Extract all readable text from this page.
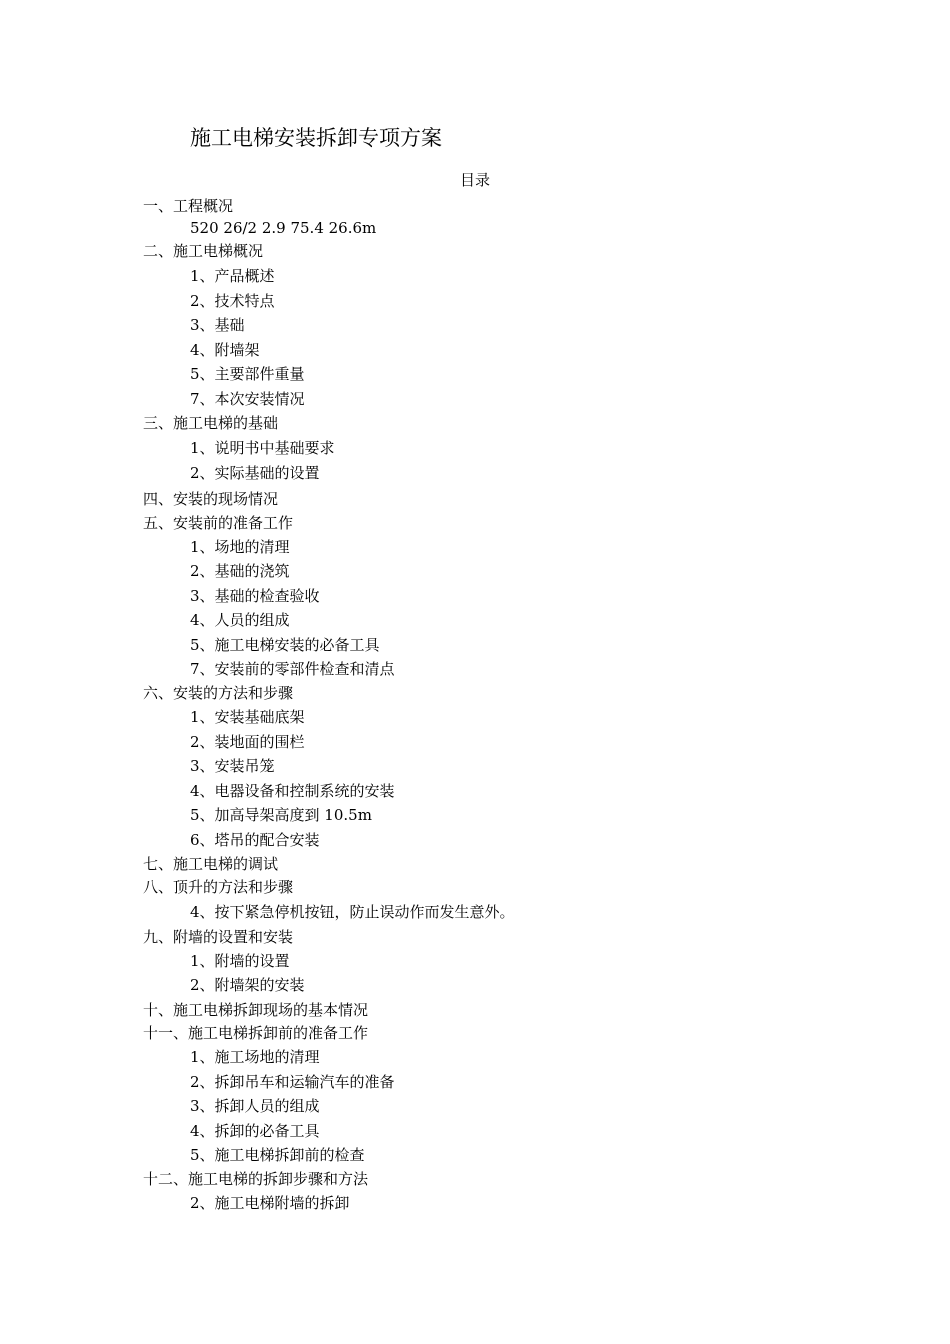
施工电梯安装拆卸专项方案
目录
一、工程概况
520 26/2 2.9 75.4 26.6m
二、施工电梯概况
1、产品概述
2、技术特点
3、基础
4、附墙架
5、主要部件重量
7、本次安装情况
三、施工电梯的基础
1、说明书中基础要求
2、实际基础的设置
四、安装的现场情况
五、安装前的准备工作
1、场地的清理
2、基础的浇筑
3、基础的检查验收
4、人员的组成
5、施工电梯安装的必备工具
7、安装前的零部件检查和清点
六、安装的方法和步骤
1、安装基础底架
2、装地面的围栏
3、安装吊笼
4、电器设备和控制系统的安装
5、加高导架高度到 10.5m
6、塔吊的配合安装
七、施工电梯的调试
八、顶升的方法和步骤
4、按下紧急停机按钮，防止误动作而发生意外。
九、附墙的设置和安装
1、附墙的设置
2、附墙架的安装
十、施工电梯拆卸现场的基本情况
十一、施工电梯拆卸前的准备工作
1、施工场地的清理
2、拆卸吊车和运输汽车的准备
3、拆卸人员的组成
4、拆卸的必备工具
5、施工电梯拆卸前的检查
十二、施工电梯的拆卸步骤和方法
2、施工电梯附墙的拆卸
